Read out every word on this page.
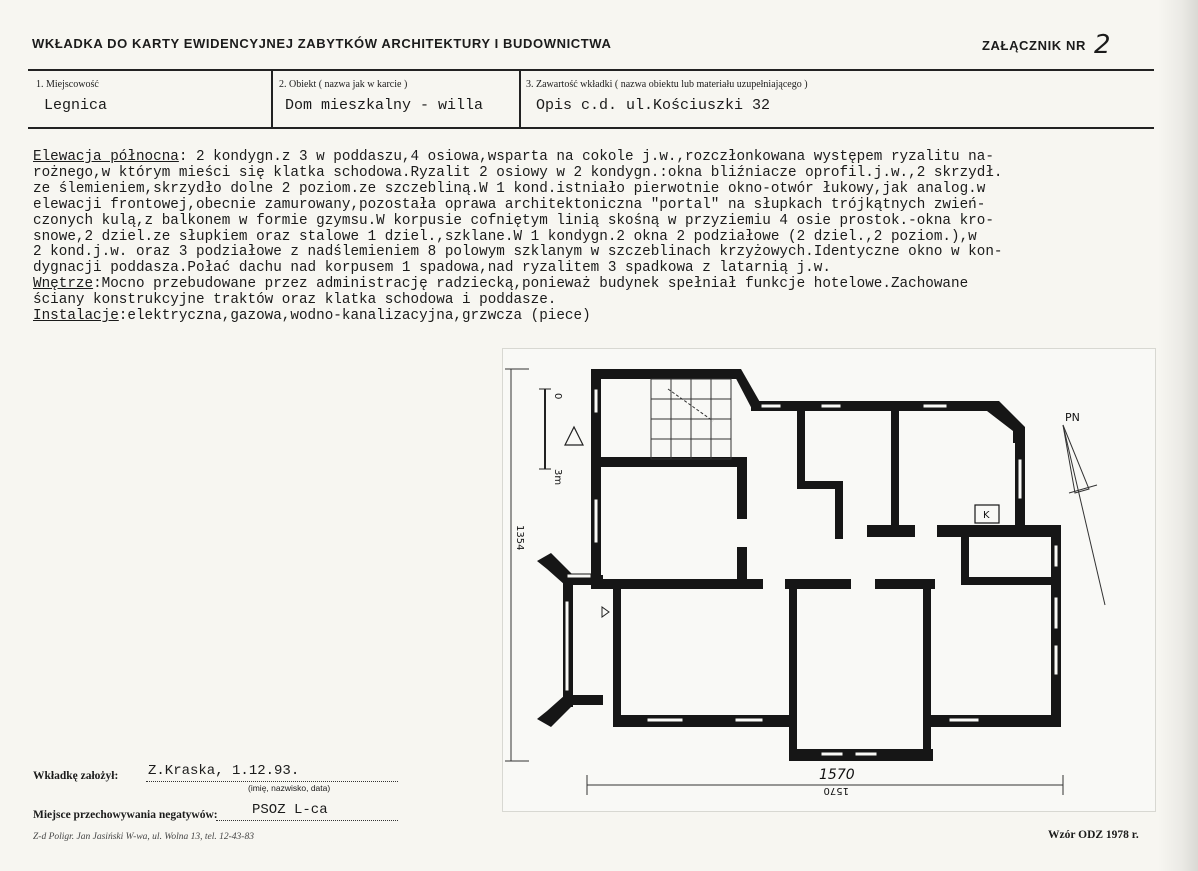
WKŁADKA DO KARTY EWIDENCYJNEJ ZABYTKÓW ARCHITEKTURY I BUDOWNICTWA	ZAŁĄCZNIK NR 2
1. Miejscowość
Legnica
2. Obiekt ( nazwa jak w karcie )
Dom mieszkalny - willa
3. Zawartość wkładki ( nazwa obiektu lub materiału uzupełniającego )
Opis c.d. ul.Kościuszki 32
Elewacja północna: 2 kondygn.z 3 w poddaszu,4 osiowa,wsparta na cokole j.w.,rozczłonkowana występem ryzalitu na-
rożnego,w którym mieści się klatka schodowa.Ryzalit 2 osiowy w 2 kondygn.:okna bliźniacze oprofil.j.w.,2 skrzydł.
ze ślemieniem,skrzydło dolne 2 poziom.ze szczebliną.W 1 kond.istniało pierwotnie okno-otwór łukowy,jak analog.w
elewacji frontowej,obecnie zamurowany,pozostała oprawa architektoniczna "portal" na słupkach trójkątnych zwień-
czonych kulą,z balkonem w formie gzymsu.W korpusie cofniętym linią skośną w przyziemiu 4 osie prostok.-okna kro-
snowe,2 dziel.ze słupkiem oraz stalowe 1 dziel.,szklane.W 1 kondygn.2 okna 2 podziałowe (2 dziel.,2 poziom.),w
2 kond.j.w. oraz 3 podziałowe z nadślemieniem 8 polowym szklanym w szczeblinach krzyżowych.Identyczne okno w kon-
dygnacji poddasza.Połać dachu nad korpusem 1 spadowa,nad ryzalitem 3 spadkowa z latarnią j.w.
Wnętrze:Mocno przebudowane przez administrację radziecką,ponieważ budynek spełniał funkcje hotelowe.Zachowane
ściany konstrukcyjne traktów oraz klatka schodowa i poddasze.
Instalacje:elektryczna,gazowa,wodno-kanalizacyjna,grzwcza (piece)
K
0
3m
1354
1570
1570
PN
Wkładkę założył: Z.Kraska, 1.12.93.
(imię, nazwisko, data)
Miejsce przechowywania negatywów: PSOZ L-ca
Z-d Poligr. Jan Jasiński W-wa, ul. Wolna 13, tel. 12-43-83	Wzór ODZ 1978 r.
